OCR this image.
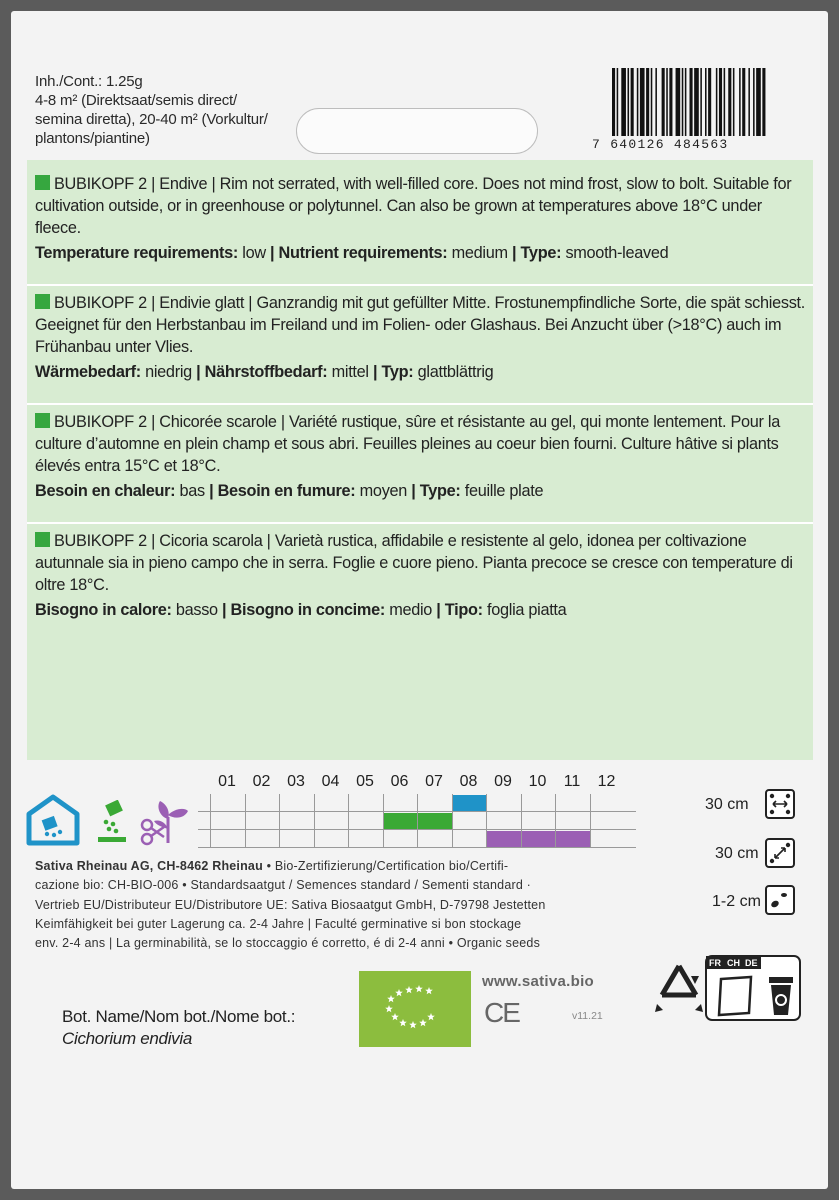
Inh./Cont.: 1.25g
4-8 m² (Direktsaat/semis direct/
semina diretta), 20-40 m² (Vorkultur/
plantons/piantine)	7 640126 484563
BUBIKOPF 2 | Endive | Rim not serrated, with well-filled core. Does not mind frost, slow to bolt. Suitable for cultivation outside, or in greenhouse or polytunnel. Can also be grown at temperatures above 18°C under fleece.
Temperature requirements: low | Nutrient requirements: medium | Type: smooth-leaved
BUBIKOPF 2 | Endivie glatt | Ganzrandig mit gut gefüllter Mitte. Frostunempfindliche Sorte, die spät schiesst. Geeignet für den Herbstanbau im Freiland und im Folien- oder Glashaus. Bei Anzucht über (>18°C) auch im Frühanbau unter Vlies.
Wärmebedarf: niedrig | Nährstoffbedarf: mittel | Typ: glattblättrig
BUBIKOPF 2 | Chicorée scarole | Variété rustique, sûre et résistante au gel, qui monte lentement. Pour la culture d’automne en plein champ et sous abri. Feuilles pleines au coeur bien fourni. Culture hâtive si plants élevés entra 15°C et 18°C.
Besoin en chaleur: bas | Besoin en fumure: moyen | Type: feuille plate
BUBIKOPF 2 | Cicoria scarola | Varietà rustica, affidabile e resistente al gelo, idonea per coltivazione autunnale sia in pieno campo che in serra. Foglie e cuore pieno. Pianta precoce se cresce con temperature di oltre 18°C.
Bisogno in calore: basso | Bisogno in concime: medio | Tipo: foglia piatta
01	02	03	04	05	06	07	08	09	10	11	12
Sativa Rheinau AG, CH-8462 Rheinau • Bio-Zertifizierung/Certification bio/Certifi-
cazione bio: CH-BIO-006 • Standardsaatgut / Semences standard / Sementi standard ·
Vertrieb EU/Distributeur EU/Distributore UE: Sativa Biosaatgut GmbH, D-79798 Jestetten
Keimfähigkeit bei guter Lagerung ca. 2-4 Jahre | Faculté germinative si bon stockage
env. 2-4 ans | La germinabilità, se lo stoccaggio é corretto, é di 2-4 anni • Organic seeds
30 cm
30 cm
1-2 cm
FR CH DE
www.sativa.bio
CE	v11.21
Bot. Name/Nom bot./Nome bot.:
Cichorium endivia
